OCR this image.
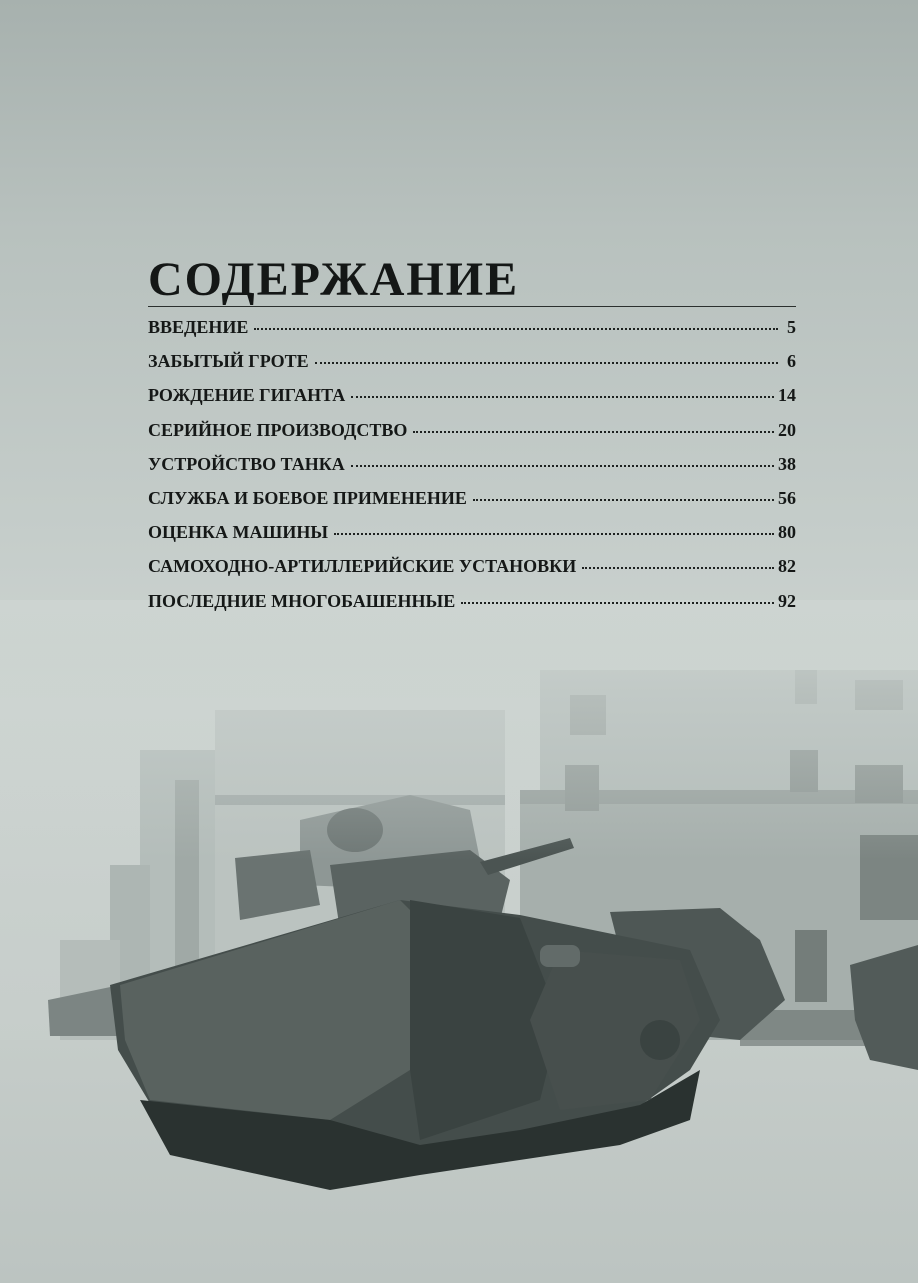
СОДЕРЖАНИЕ
ВВЕДЕНИЕ	5
ЗАБЫТЫЙ ГРОТЕ	6
РОЖДЕНИЕ ГИГАНТА	14
СЕРИЙНОЕ ПРОИЗВОДСТВО	20
УСТРОЙСТВО ТАНКА	38
СЛУЖБА И БОЕВОЕ ПРИМЕНЕНИЕ	56
ОЦЕНКА МАШИНЫ	80
САМОХОДНО-АРТИЛЛЕРИЙСКИЕ УСТАНОВКИ	82
ПОСЛЕДНИЕ МНОГОБАШЕННЫЕ	92
